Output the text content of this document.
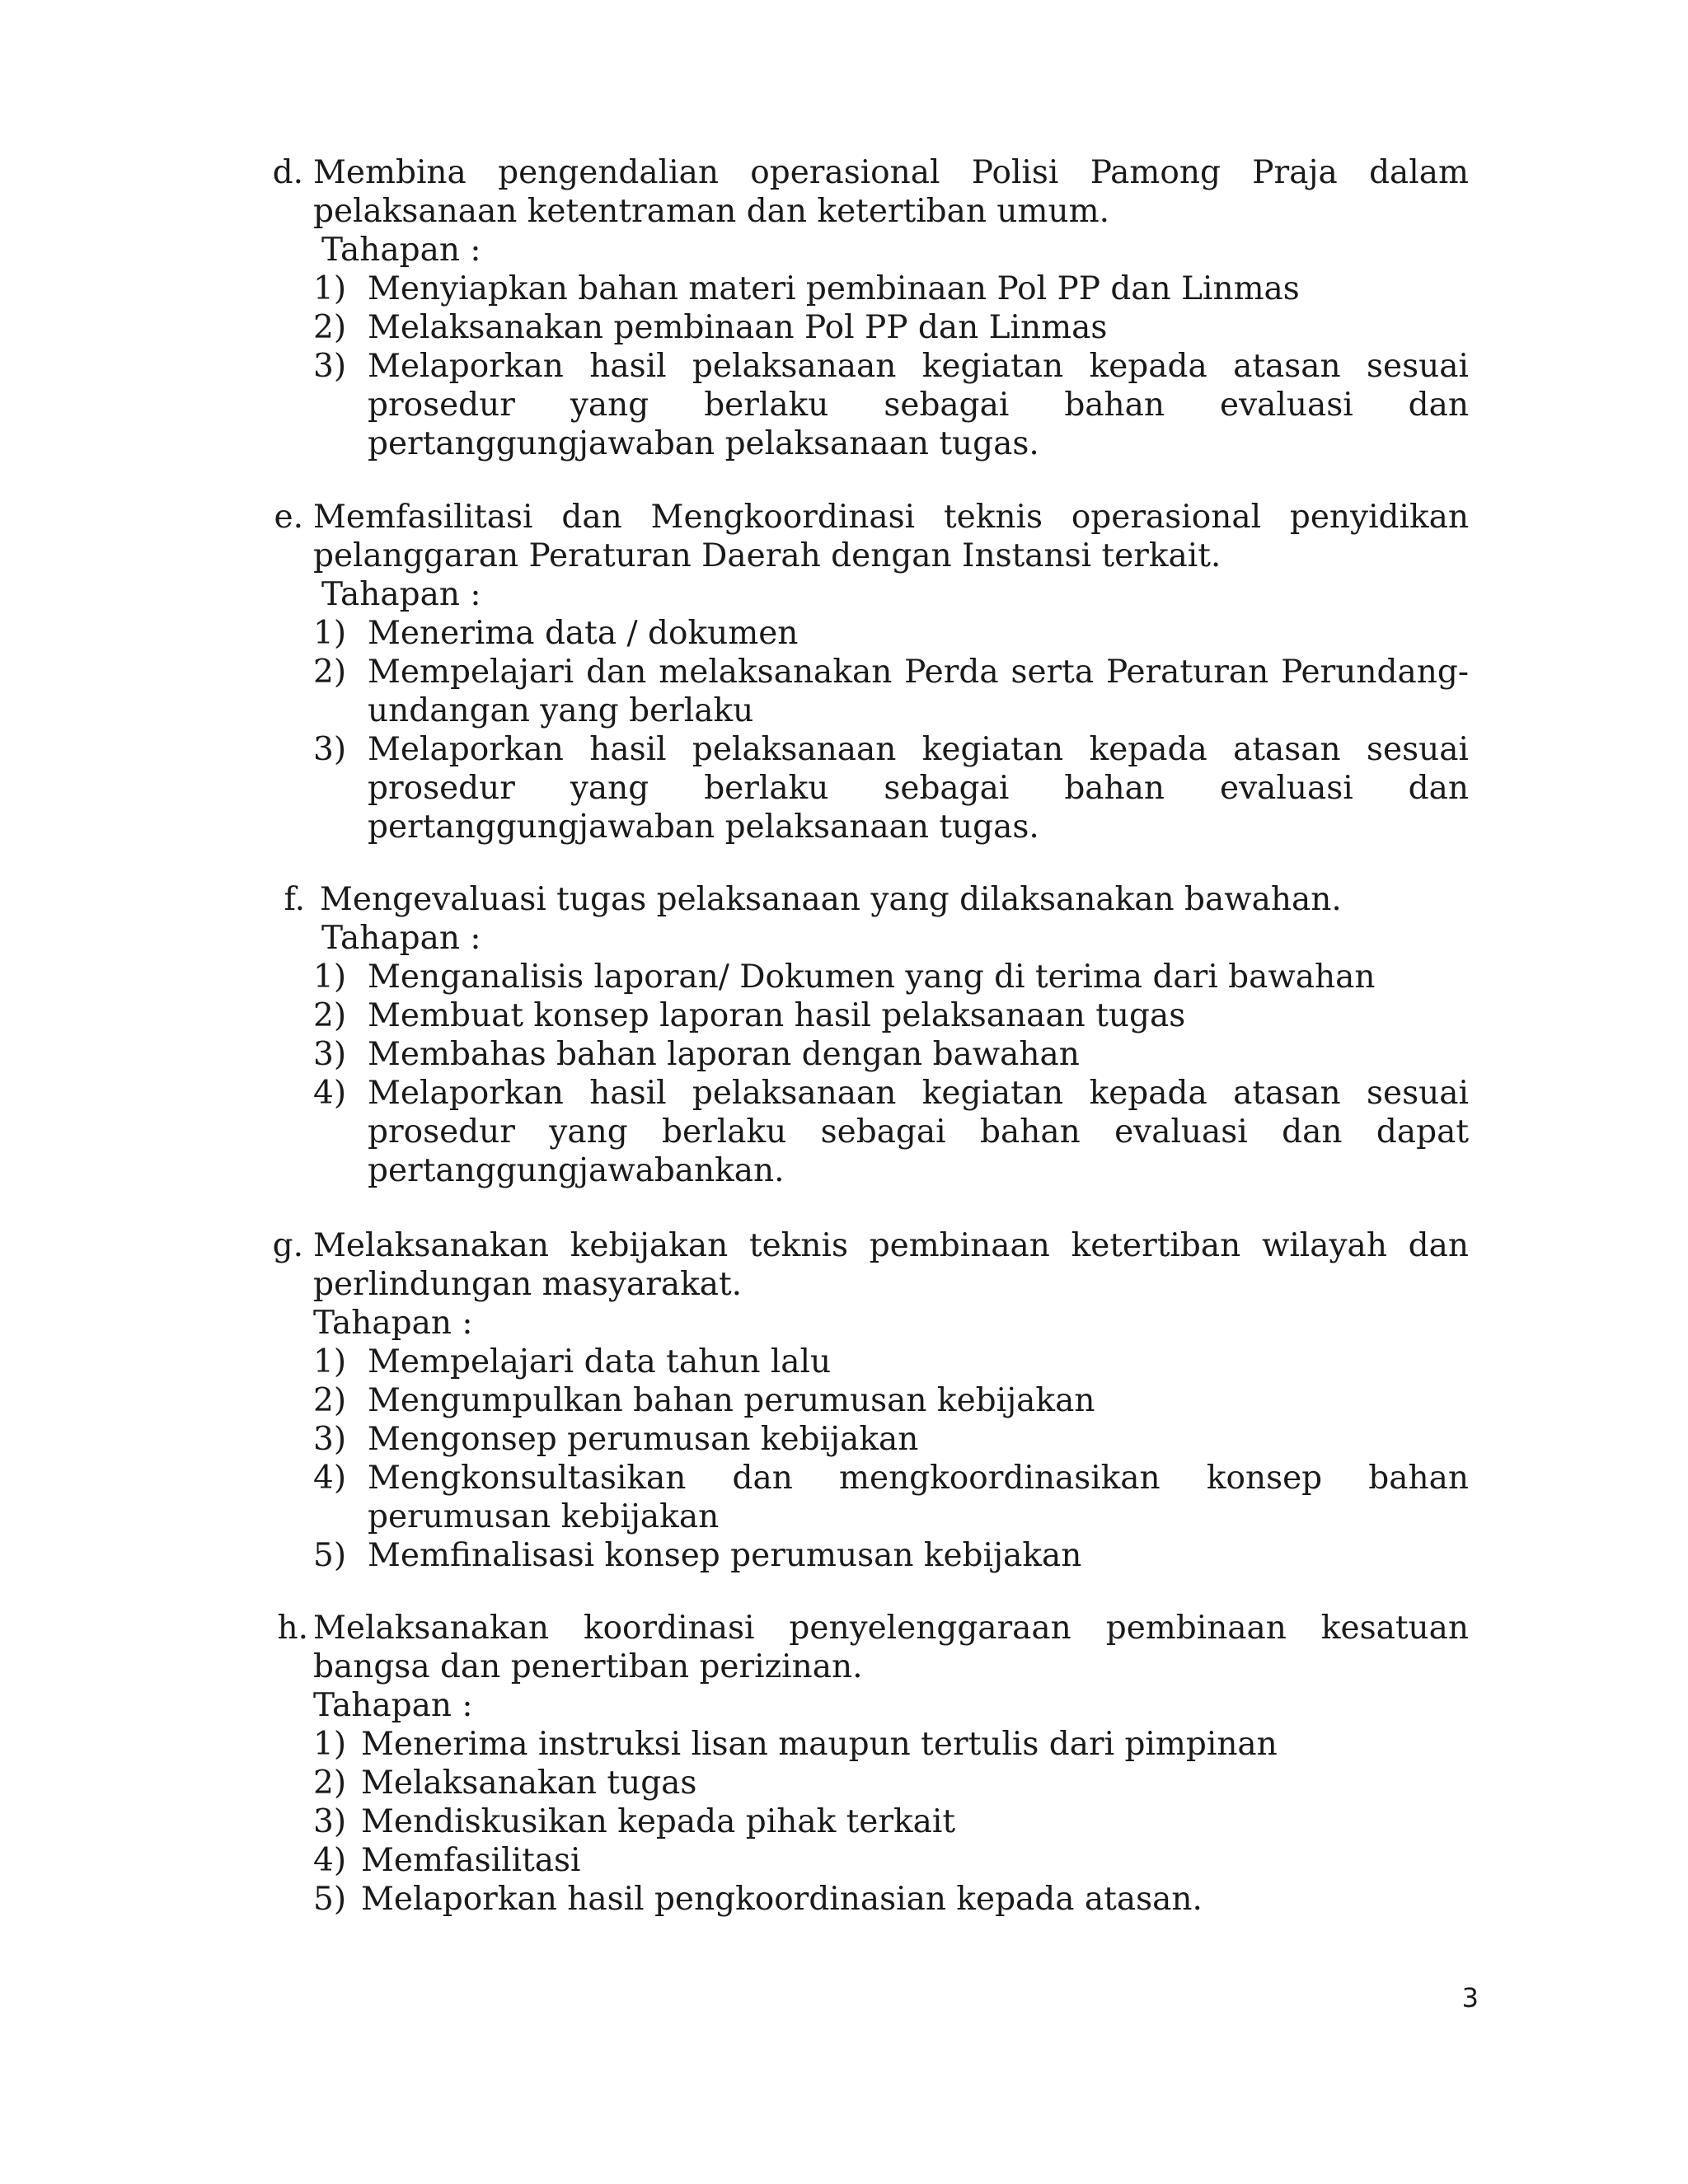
d. Membina pengendalian operasional Polisi Pamong Praja dalam
pelaksanaan ketentraman dan ketertiban umum.
Tahapan :
1) Menyiapkan bahan materi pembinaan Pol PP dan Linmas
2) Melaksanakan pembinaan Pol PP dan Linmas
3) Melaporkan hasil pelaksanaan kegiatan kepada atasan sesuai prosedur yang berlaku sebagai bahan evaluasi dan pertanggungjawaban pelaksanaan tugas.
e. Memfasilitasi dan Mengkoordinasi teknis operasional penyidikan
pelanggaran Peraturan Daerah dengan Instansi terkait.
Tahapan :
1) Menerima data / dokumen
2) Mempelajari dan melaksanakan Perda serta Peraturan Perundang-undangan yang berlaku
3) Melaporkan hasil pelaksanaan kegiatan kepada atasan sesuai prosedur yang berlaku sebagai bahan evaluasi dan pertanggungjawaban pelaksanaan tugas.
f. Mengevaluasi tugas pelaksanaan yang dilaksanakan bawahan.
Tahapan :
1) Menganalisis laporan/ Dokumen yang di terima dari bawahan
2) Membuat konsep laporan hasil pelaksanaan tugas
3) Membahas bahan laporan dengan bawahan
4) Melaporkan hasil pelaksanaan kegiatan kepada atasan sesuai prosedur yang berlaku sebagai bahan evaluasi dan dapat pertanggungjawabankan.
g. Melaksanakan kebijakan teknis pembinaan ketertiban wilayah dan
perlindungan masyarakat.
Tahapan :
1) Mempelajari data tahun lalu
2) Mengumpulkan bahan perumusan kebijakan
3) Mengonsep perumusan kebijakan
4) Mengkonsultasikan dan mengkoordinasikan konsep bahan perumusan kebijakan
5) Memfinalisasi konsep perumusan kebijakan
h. Melaksanakan koordinasi penyelenggaraan pembinaan kesatuan
bangsa dan penertiban perizinan.
Tahapan :
1) Menerima instruksi lisan maupun tertulis dari pimpinan
2) Melaksanakan tugas
3) Mendiskusikan kepada pihak terkait
4) Memfasilitasi
5) Melaporkan hasil pengkoordinasian kepada atasan.
3
